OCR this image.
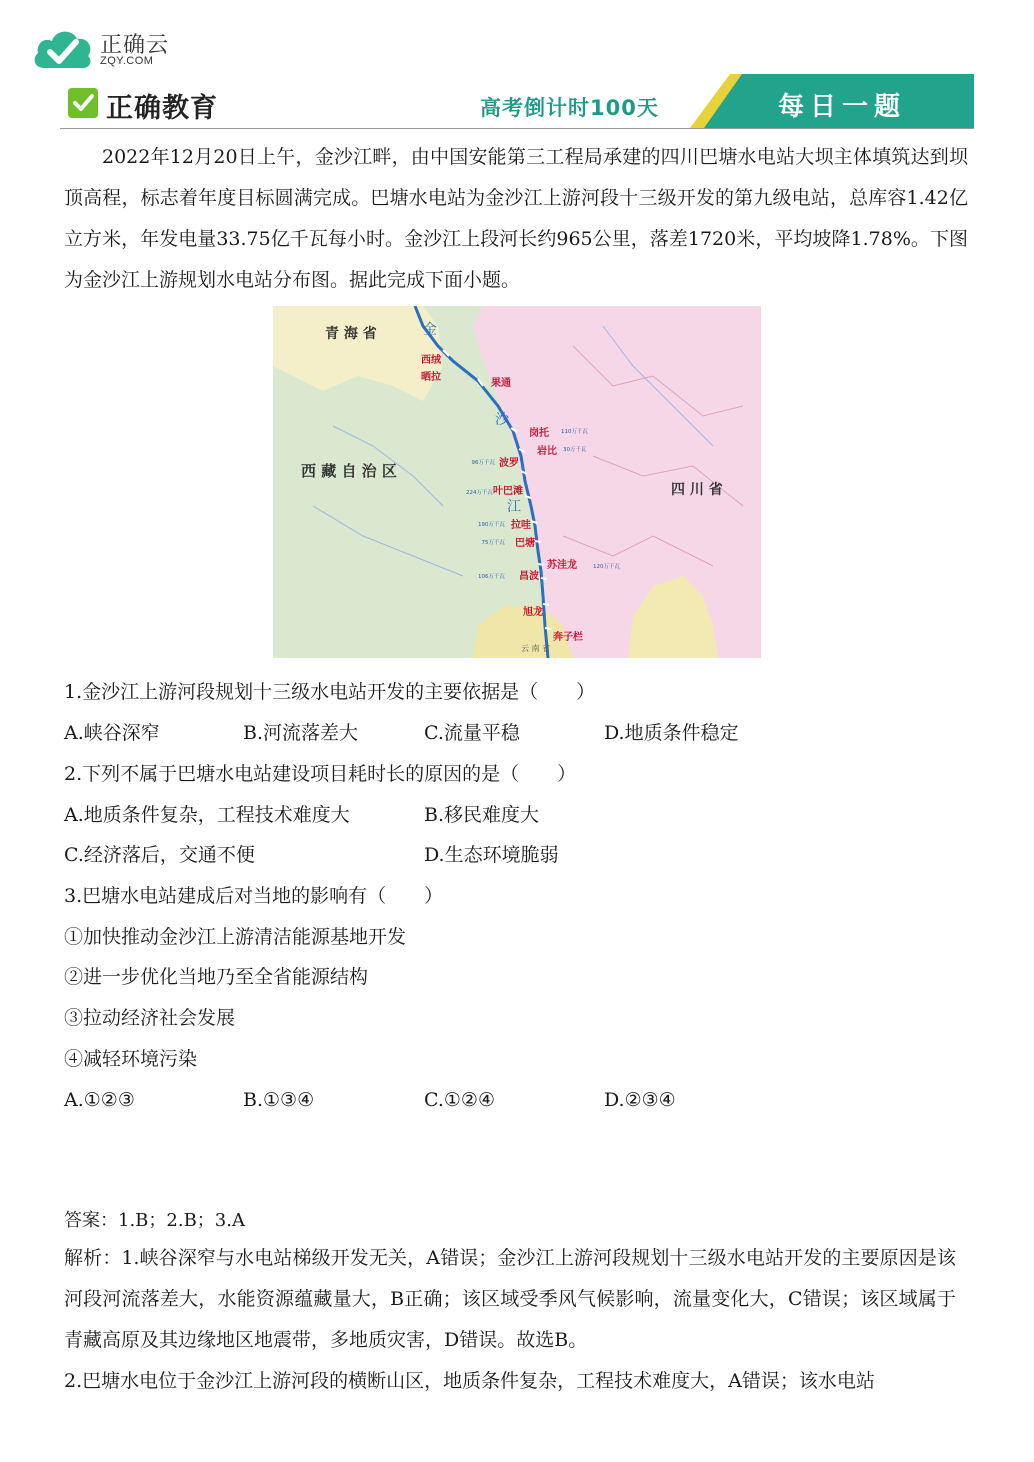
正确云
ZQY.COM
正确教育	高考倒计时100天	每日一题

2022年12月20日上午，金沙江畔，由中国安能第三工程局承建的四川巴塘水电站大坝主体填筑达到坝顶高程，标志着年度目标圆满完成。巴塘水电站为金沙江上游河段十三级开发的第九级电站，总库容1.42亿立方米，年发电量33.75亿千瓦每小时。金沙江上段河长约965公里，落差1720米，平均坡降1.78%。下图为金沙江上游规划水电站分布图。据此完成下面小题。

青 海 省
西 藏 自 治 区
四 川 省
云 南 省
金
沙
江
西绒
晒拉
果通
岗托 110万千瓦
岩比 30万千瓦
波罗
96万千瓦
叶巴滩
224万千瓦
拉哇
190万千瓦
巴塘
75万千瓦
苏洼龙	120万千瓦
昌波
106万千瓦
旭龙
奔子栏
1.金沙江上游河段规划十三级水电站开发的主要依据是（　　）
A.峡谷深窄	B.河流落差大	C.流量平稳	D.地质条件稳定
2.下列不属于巴塘水电站建设项目耗时长的原因的是（　　）
A.地质条件复杂，工程技术难度大	B.移民难度大
C.经济落后，交通不便	D.生态环境脆弱
3.巴塘水电站建成后对当地的影响有（　　）
①加快推动金沙江上游清洁能源基地开发
②进一步优化当地乃至全省能源结构
③拉动经济社会发展
④减轻环境污染
A.①②③	B.①③④	C.①②④	D.②③④
答案：1.B；2.B；3.A

解析：1.峡谷深窄与水电站梯级开发无关，A错误；金沙江上游河段规划十三级水电站开发的主要原因是该河段河流落差大，水能资源蕴藏量大，B正确；该区域受季风气候影响，流量变化大，C错误；该区域属于青藏高原及其边缘地区地震带，多地质灾害，D错误。故选B。

2.巴塘水电位于金沙江上游河段的横断山区，地质条件复杂，工程技术难度大，A错误；该水电站
